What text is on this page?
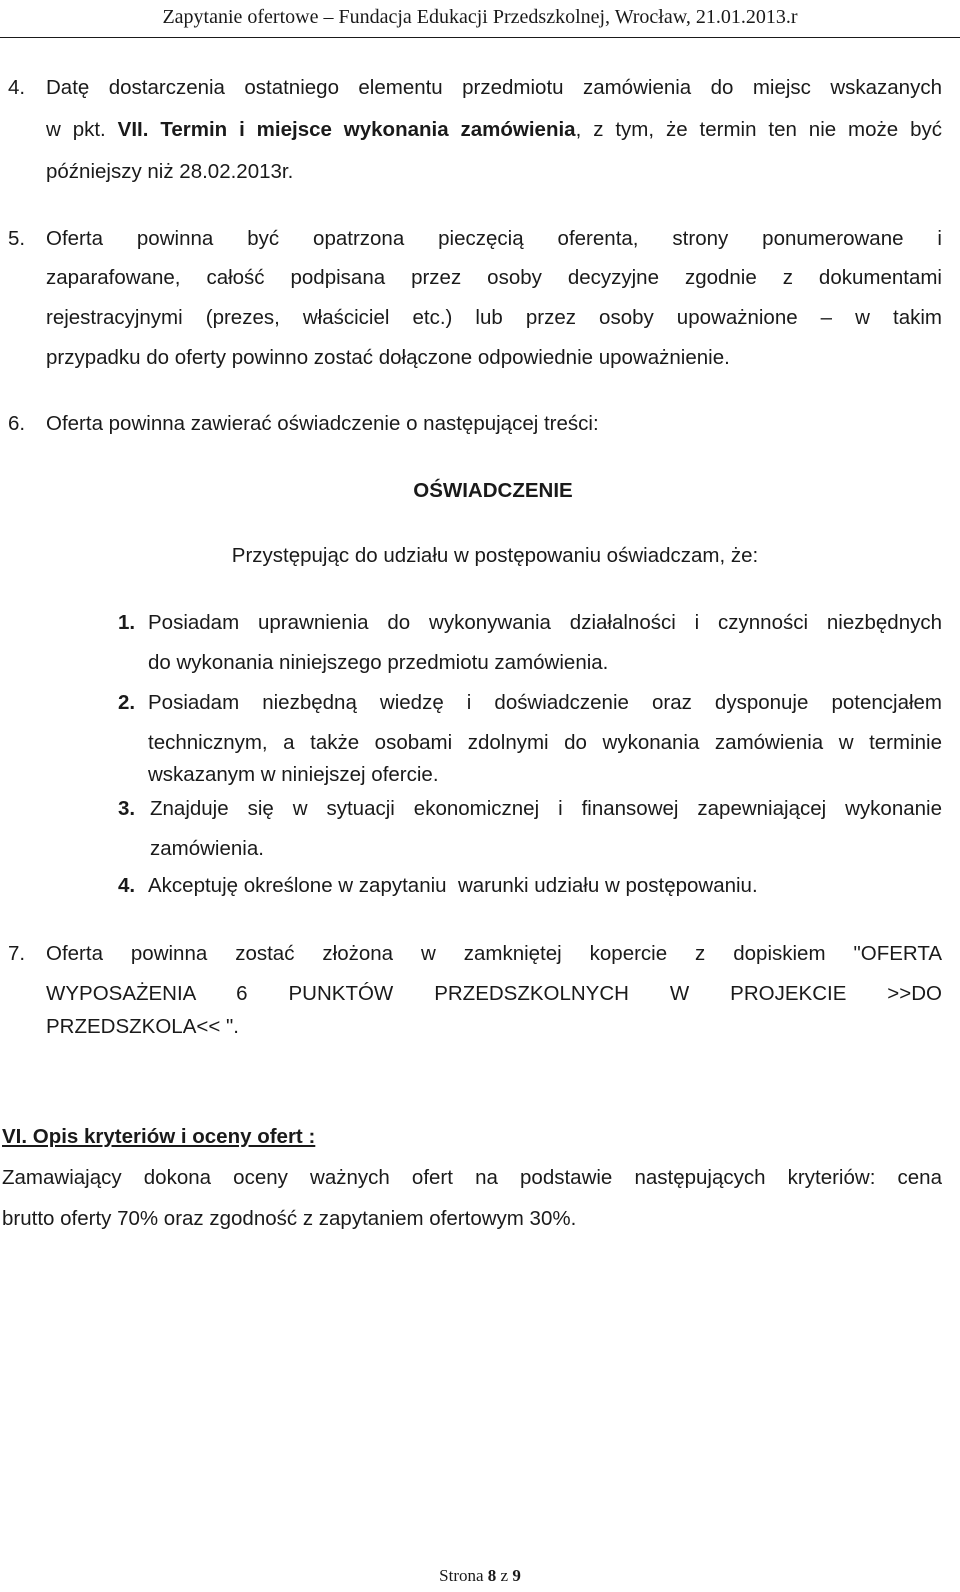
Zapytanie ofertowe – Fundacja Edukacji Przedszkolnej, Wrocław, 21.01.2013.r
4. Datę dostarczenia ostatniego elementu przedmiotu zamówienia do miejsc wskazanych
w pkt. VII. Termin i miejsce wykonania zamówienia, z tym, że termin ten nie może być
późniejszy niż 28.02.2013r.
5. Oferta powinna być opatrzona pieczęcią oferenta, strony ponumerowane i
zaparafowane, całość podpisana przez osoby decyzyjne zgodnie z dokumentami
rejestracyjnymi (prezes, właściciel etc.) lub przez osoby upoważnione – w takim
przypadku do oferty powinno zostać dołączone odpowiednie upoważnienie.
6. Oferta powinna zawierać oświadczenie o następującej treści:
OŚWIADCZENIE
Przystępując do udziału w postępowaniu oświadczam, że:
1. Posiadam uprawnienia do wykonywania działalności i czynności niezbędnych
do wykonania niniejszego przedmiotu zamówienia.
2. Posiadam niezbędną wiedzę i doświadczenie oraz dysponuje potencjałem
technicznym, a także osobami zdolnymi do wykonania zamówienia w terminie
wskazanym w niniejszej ofercie.
3. Znajduje się w sytuacji ekonomicznej i finansowej zapewniającej wykonanie
zamówienia.
4. Akceptuję określone w zapytaniu  warunki udziału w postępowaniu.
7. Oferta powinna zostać złożona w zamkniętej kopercie z dopiskiem "OFERTA
WYPOSAŻENIA 6 PUNKTÓW PRZEDSZKOLNYCH W PROJEKCIE >>DO
PRZEDSZKOLA<< ".
VI. Opis kryteriów i oceny ofert :
Zamawiający dokona oceny ważnych ofert na podstawie następujących kryteriów: cena
brutto oferty 70% oraz zgodność z zapytaniem ofertowym 30%.
Strona 8 z 9
